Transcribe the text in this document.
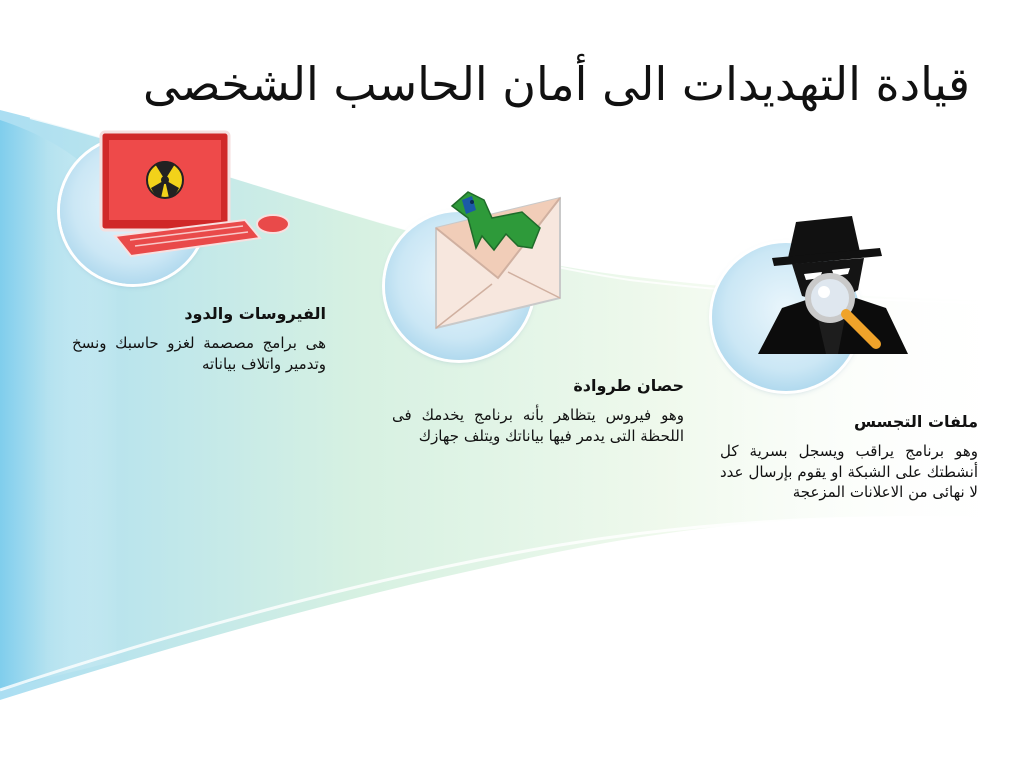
قيادة التهديدات الى أمان الحاسب الشخصى
الفيروسات والدود

هى برامج مصصمة لغزو حاسبك ونسخ وتدمير واتلاف بياناته

حصان طروادة

وهو فيروس يتظاهر بأنه برنامج يخدمك فى اللحظة التى يدمر فيها بياناتك ويتلف جهازك

ملفات التجسس

وهو برنامج يراقب ويسجل بسرية كل أنشطتك على الشبكة او يقوم بإرسال عدد لا نهائى من الاعلانات المزعجة
